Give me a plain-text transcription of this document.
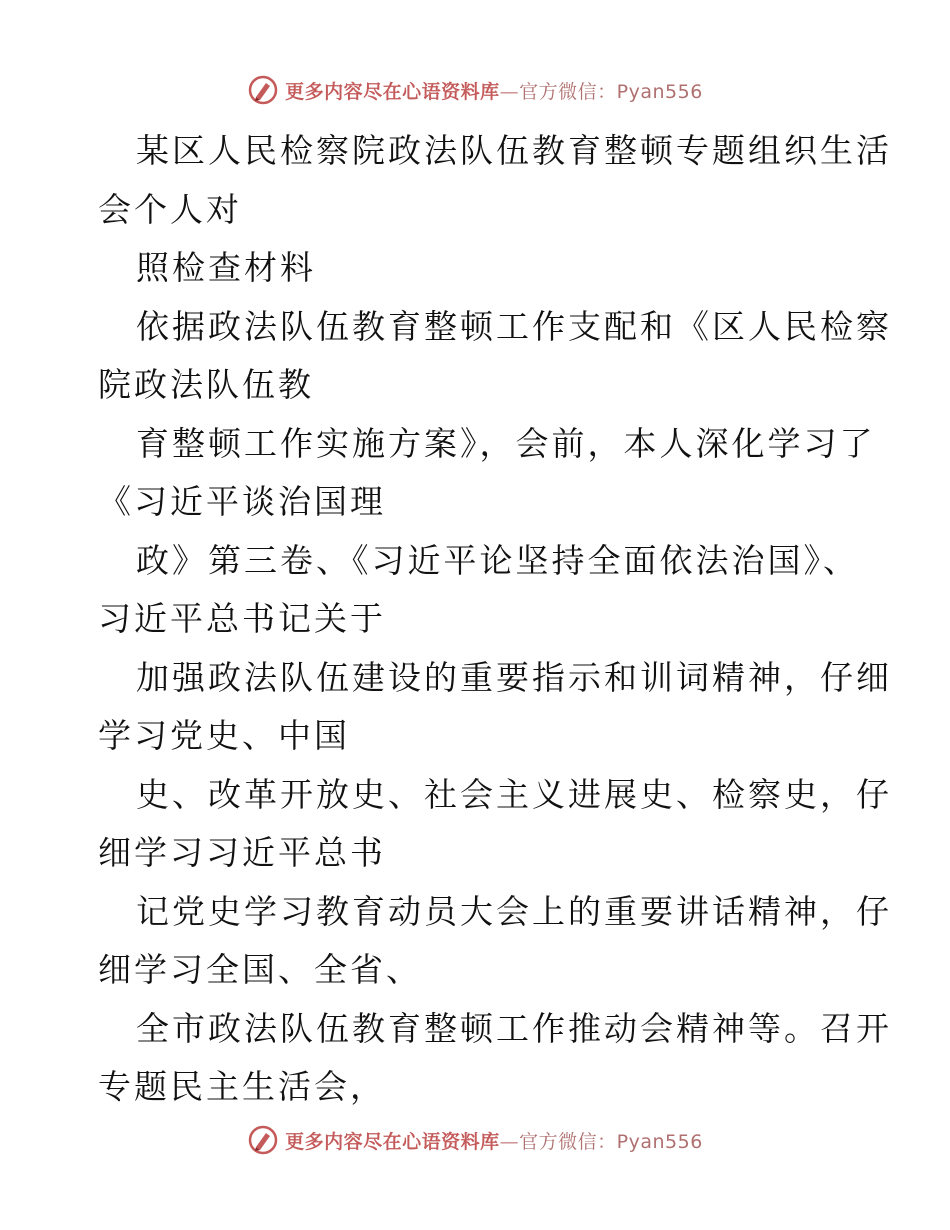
更多内容尽在心语资料库—官方微信：Pyan556
某区人民检察院政法队伍教育整顿专题组织生活
会个人对
照检查材料
依据政法队伍教育整顿工作支配和《区人民检察
院政法队伍教
育整顿工作实施方案》，会前，本人深化学习了
《习近平谈治国理
政》第三卷、《习近平论坚持全面依法治国》、
习近平总书记关于
加强政法队伍建设的重要指示和训词精神，仔细
学习党史、中国
史、改革开放史、社会主义进展史、检察史，仔
细学习习近平总书
记党史学习教育动员大会上的重要讲话精神，仔
细学习全国、全省、
全市政法队伍教育整顿工作推动会精神等。召开
专题民主生活会，
更多内容尽在心语资料库—官方微信：Pyan556
